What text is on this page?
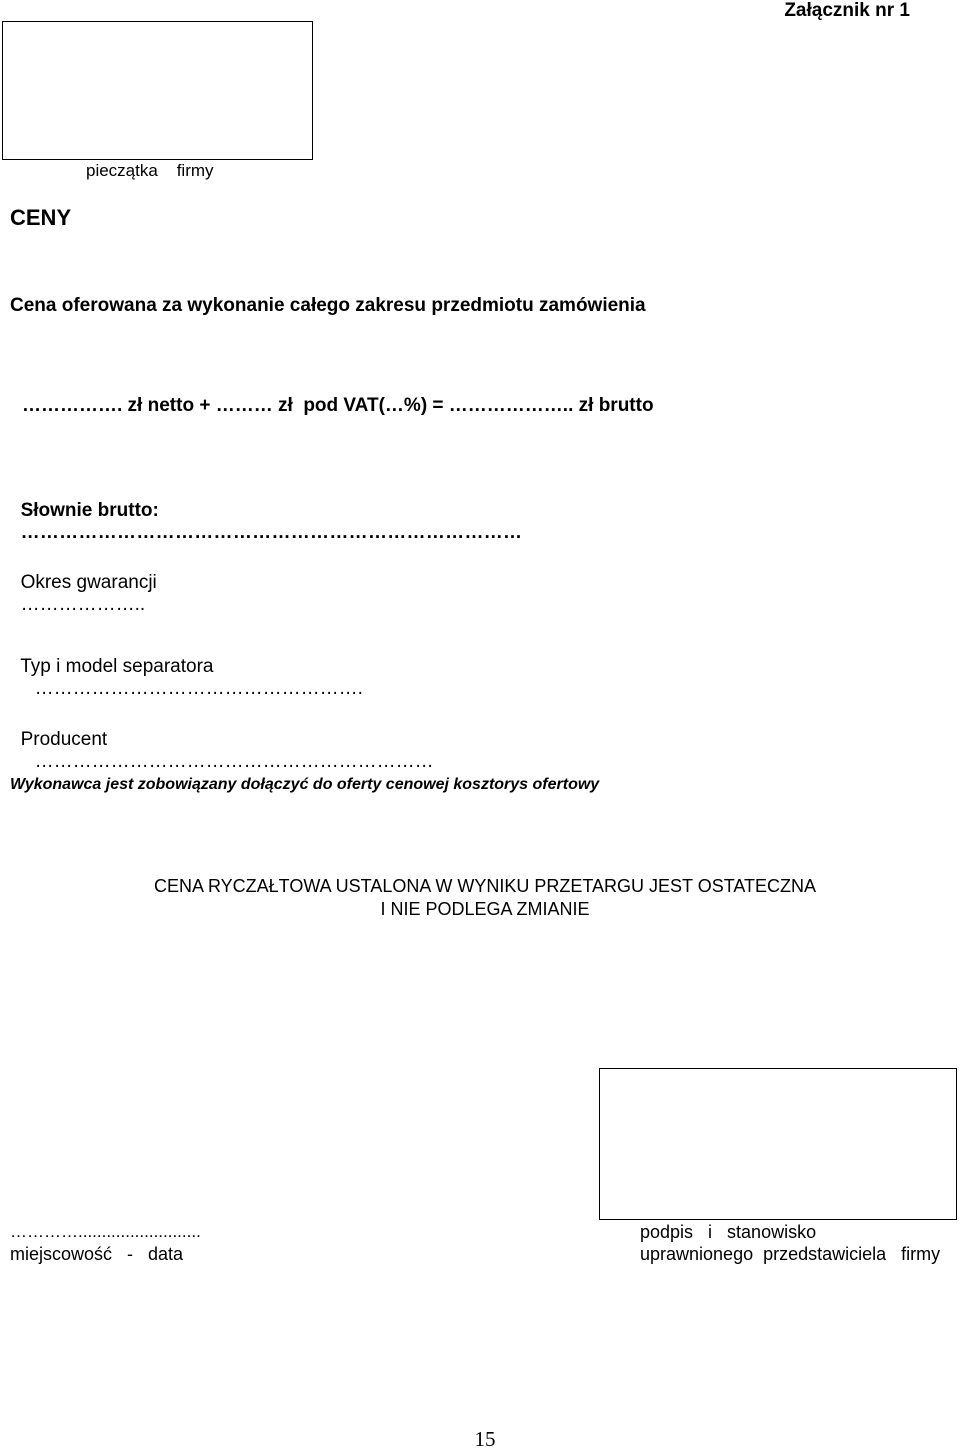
Załącznik nr 1
pieczątka    firmy
CENY
Cena oferowana za wykonanie całego zakresu przedmiotu zamówienia
……………. zł netto + ……… zł  pod VAT(…%) = ……………….. zł brutto

Słownie brutto:
……………………………………………………………………

Okres gwarancji
………………..

Typ i model separatora
…………………………………………….

Producent
………………………………………………………

Wykonawca jest zobowiązany dołączyć do oferty cenowej kosztorys ofertowy
CENA RYCZAŁTOWA USTALONA W WYNIKU PRZETARGU JEST OSTATECZNA
I NIE PODLEGA ZMIANIE
…………..........................
miejscowość   -   data
podpis   i   stanowisko
uprawnionego  przedstawiciela   firmy
15
